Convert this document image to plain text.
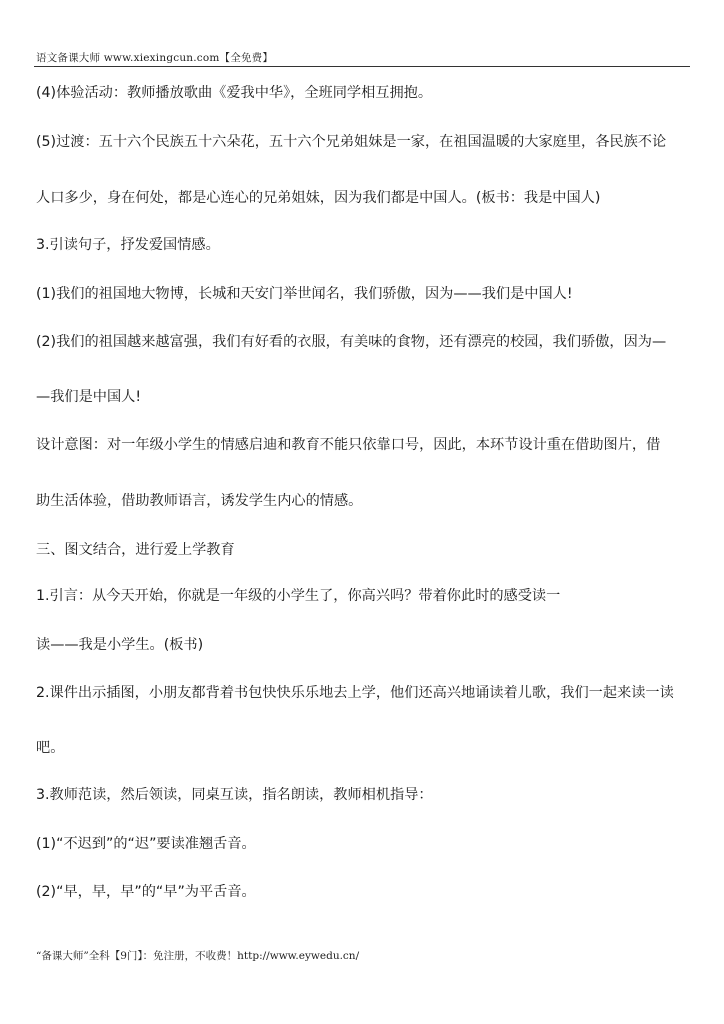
语文备课大师 www.xiexingcun.com【全免费】
(4)体验活动：教师播放歌曲《爱我中华》，全班同学相互拥抱。
(5)过渡：五十六个民族五十六朵花，五十六个兄弟姐妹是一家，在祖国温暖的大家庭里，各民族不论
人口多少，身在何处，都是心连心的兄弟姐妹，因为我们都是中国人。(板书：我是中国人)
3.引读句子，抒发爱国情感。
(1)我们的祖国地大物博，长城和天安门举世闻名，我们骄傲，因为——我们是中国人!
(2)我们的祖国越来越富强，我们有好看的衣服，有美味的食物，还有漂亮的校园，我们骄傲，因为—
—我们是中国人!
设计意图：对一年级小学生的情感启迪和教育不能只依靠口号，因此，本环节设计重在借助图片，借
助生活体验，借助教师语言，诱发学生内心的情感。
三、图文结合，进行爱上学教育
1.引言：从今天开始，你就是一年级的小学生了，你高兴吗？带着你此时的感受读一
读——我是小学生。(板书)
2.课件出示插图，小朋友都背着书包快快乐乐地去上学，他们还高兴地诵读着儿歌，我们一起来读一读
吧。
3.教师范读，然后领读，同桌互读，指名朗读，教师相机指导：
(1)“不迟到”的“迟”要读准翘舌音。
(2)“早，早，早”的“早”为平舌音。
“备课大师”全科【9门】：免注册，不收费！http://www.eywedu.cn/
